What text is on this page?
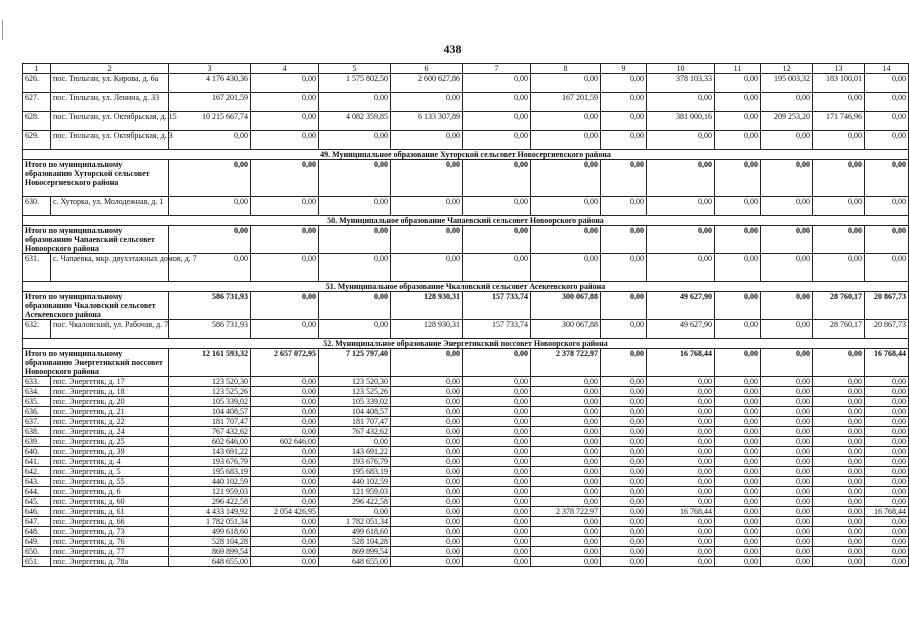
438
1	2	3	4	5	6	7	8	9	10	11	12	13	14
626.	пос. Тюльган, ул. Кирова, д. 6а	4 176 430,36	0,00	1 575 802,50	2 600 627,86	0,00	0,00	0,00	378 103,33	0,00	195 003,32	183 100,01	0,00
627.	пос. Тюльган, ул. Ленина, д. 33	167 201,59	0,00	0,00	0,00	0,00	167 201,59	0,00	0,00	0,00	0,00	0,00	0,00
628.	пос. Тюльган, ул. Октябрьская, д. 15	10 215 667,74	0,00	4 082 359,85	6 133 307,89	0,00	0,00	0,00	381 000,16	0,00	209 253,20	171 746,96	0,00
629.	пос. Тюльган, ул. Октябрьская, д. 3	0,00	0,00	0,00	0,00	0,00	0,00	0,00	0,00	0,00	0,00	0,00	0,00
49. Муниципальное образование Хуторской сельсовет Новосергиевского района													
Итого по муниципальному образованию Хуторской сельсовет Новосергиевского района		0,00	0,00	0,00	0,00	0,00	0,00	0,00	0,00	0,00	0,00	0,00	0,00
630.	с. Хуторка, ул. Молодежная, д. 1	0,00	0,00	0,00	0,00	0,00	0,00	0,00	0,00	0,00	0,00	0,00	0,00
50. Муниципальное образование Чапаевский сельсовет Новоорского района													
Итого по муниципальному образованию Чапаевский сельсовет Новоорского района		0,00	0,00	0,00	0,00	0,00	0,00	0,00	0,00	0,00	0,00	0,00	0,00
631.	с. Чапаевка, мкр. двухэтажных домов, д. 7	0,00	0,00	0,00	0,00	0,00	0,00	0,00	0,00	0,00	0,00	0,00	0,00
51. Муниципальное образование Чкаловский сельсовет Асекеевского района													
Итого по муниципальному образованию Чкаловский сельсовет Асекеевского района		586 731,93	0,00	0,00	128 930,31	157 733,74	300 067,88	0,00	49 627,90	0,00	0,00	28 760,17	20 867,73
632.	пос. Чкаловский, ул. Рабочая, д. 7	586 731,93	0,00	0,00	128 930,31	157 733,74	300 067,88	0,00	49 627,90	0,00	0,00	28 760,17	20 867,73
52. Муниципальное образование Энергетикский поссовет Новоорского района													
Итого по муниципальному образованию Энергетикский поссовет Новоорского района		12 161 593,32	2 657 072,95	7 125 797,40	0,00	0,00	2 378 722,97	0,00	16 768,44	0,00	0,00	0,00	16 768,44
633.	пос. Энергетик, д. 17	123 520,30	0,00	123 520,30	0,00	0,00	0,00	0,00	0,00	0,00	0,00	0,00	0,00
634.	пос. Энергетик, д. 18	123 525,26	0,00	123 525,26	0,00	0,00	0,00	0,00	0,00	0,00	0,00	0,00	0,00
635.	пос. Энергетик, д. 20	105 339,02	0,00	105 339,02	0,00	0,00	0,00	0,00	0,00	0,00	0,00	0,00	0,00
636.	пос. Энергетик, д. 21	104 408,57	0,00	104 408,57	0,00	0,00	0,00	0,00	0,00	0,00	0,00	0,00	0,00
637.	пос. Энергетик, д. 22	181 707,47	0,00	181 707,47	0,00	0,00	0,00	0,00	0,00	0,00	0,00	0,00	0,00
638.	пос. Энергетик, д. 24	767 432,62	0,00	767 432,62	0,00	0,00	0,00	0,00	0,00	0,00	0,00	0,00	0,00
639.	пос. Энергетик, д. 25	602 646,00	602 646,00	0,00	0,00	0,00	0,00	0,00	0,00	0,00	0,00	0,00	0,00
640.	пос. Энергетик, д. 39	143 691,22	0,00	143 691,22	0,00	0,00	0,00	0,00	0,00	0,00	0,00	0,00	0,00
641.	пос. Энергетик, д. 4	193 676,79	0,00	193 676,79	0,00	0,00	0,00	0,00	0,00	0,00	0,00	0,00	0,00
642.	пос. Энергетик, д. 5	195 683,19	0,00	195 683,19	0,00	0,00	0,00	0,00	0,00	0,00	0,00	0,00	0,00
643.	пос. Энергетик, д. 55	440 102,59	0,00	440 102,59	0,00	0,00	0,00	0,00	0,00	0,00	0,00	0,00	0,00
644.	пос. Энергетик, д. 6	121 959,03	0,00	121 959,03	0,00	0,00	0,00	0,00	0,00	0,00	0,00	0,00	0,00
645.	пос. Энергетик, д. 60	296 422,58	0,00	296 422,58	0,00	0,00	0,00	0,00	0,00	0,00	0,00	0,00	0,00
646.	пос. Энергетик, д. 61	4 433 149,92	2 054 426,95	0,00	0,00	0,00	2 378 722,97	0,00	16 768,44	0,00	0,00	0,00	16 768,44
647.	пос. Энергетик, д. 66	1 782 051,34	0,00	1 782 051,34	0,00	0,00	0,00	0,00	0,00	0,00	0,00	0,00	0,00
648.	пос. Энергетик, д. 73	499 618,60	0,00	499 618,60	0,00	0,00	0,00	0,00	0,00	0,00	0,00	0,00	0,00
649.	пос. Энергетик, д. 76	528 104,28	0,00	528 104,28	0,00	0,00	0,00	0,00	0,00	0,00	0,00	0,00	0,00
650.	пос. Энергетик, д. 77	869 899,54	0,00	869 899,54	0,00	0,00	0,00	0,00	0,00	0,00	0,00	0,00	0,00
651.	пос. Энергетик, д. 78а	648 655,00	0,00	648 655,00	0,00	0,00	0,00	0,00	0,00	0,00	0,00	0,00	0,00
